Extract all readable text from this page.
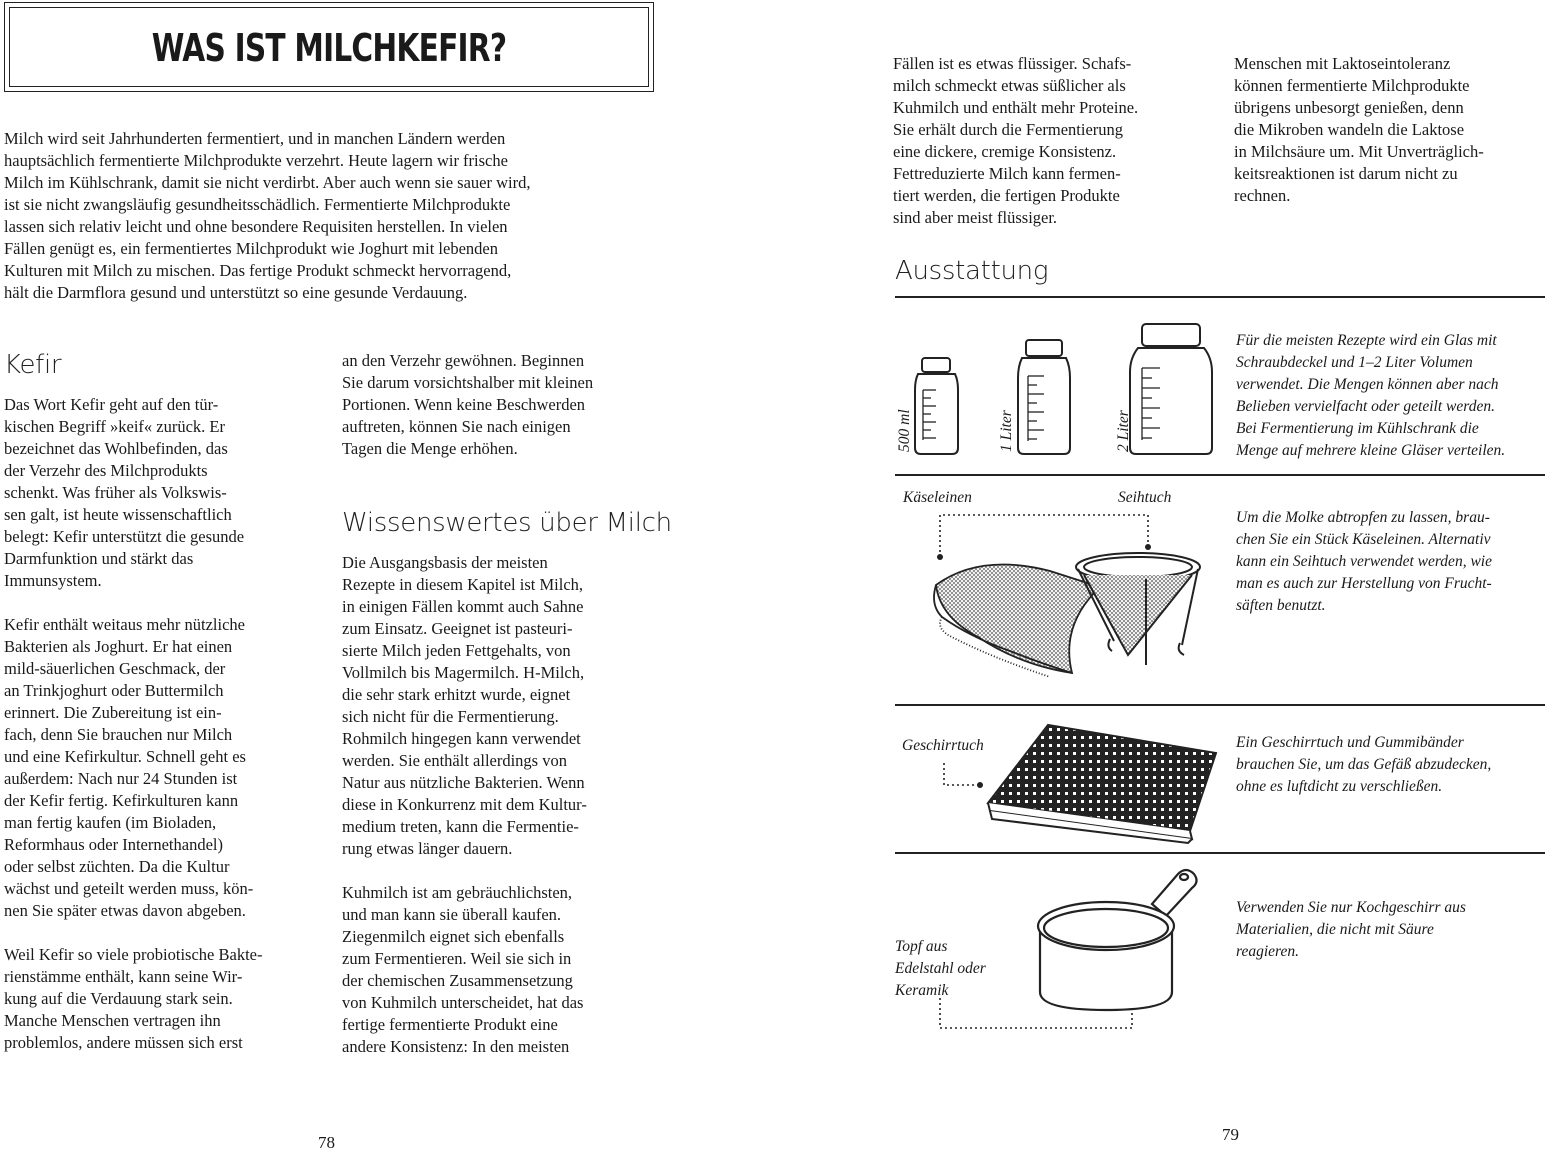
WAS IST MILCHKEFIR?
Milch wird seit Jahrhunderten fermentiert, und in manchen Ländern werden
hauptsächlich fermentierte Milchprodukte verzehrt. Heute lagern wir frische
Milch im Kühlschrank, damit sie nicht verdirbt. Aber auch wenn sie sauer wird,
ist sie nicht zwangsläufig gesundheitsschädlich. Fermentierte Milchprodukte
lassen sich relativ leicht und ohne besondere Requisiten herstellen. In vielen
Fällen genügt es, ein fermentiertes Milchprodukt wie Joghurt mit lebenden
Kulturen mit Milch zu mischen. Das fertige Produkt schmeckt hervorragend,
hält die Darmflora gesund und unterstützt so eine gesunde Verdauung.
Kefir
Das Wort Kefir geht auf den tür-
kischen Begriff »keif« zurück. Er
bezeichnet das Wohlbefinden, das
der Verzehr des Milchprodukts
schenkt. Was früher als Volkswis-
sen galt, ist heute wissenschaftlich
belegt: Kefir unterstützt die gesunde
Darmfunktion und stärkt das
Immunsystem.
Kefir enthält weitaus mehr nützliche
Bakterien als Joghurt. Er hat einen
mild-säuerlichen Geschmack, der
an Trinkjoghurt oder Buttermilch
erinnert. Die Zubereitung ist ein-
fach, denn Sie brauchen nur Milch
und eine Kefirkultur. Schnell geht es
außerdem: Nach nur 24 Stunden ist
der Kefir fertig. Kefirkulturen kann
man fertig kaufen (im Bioladen,
Reformhaus oder Internethandel)
oder selbst züchten. Da die Kultur
wächst und geteilt werden muss, kön-
nen Sie später etwas davon abgeben.
Weil Kefir so viele probiotische Bakte-
rienstämme enthält, kann seine Wir-
kung auf die Verdauung stark sein.
Manche Menschen vertragen ihn
problemlos, andere müssen sich erst
an den Verzehr gewöhnen. Beginnen
Sie darum vorsichtshalber mit kleinen
Portionen. Wenn keine Beschwerden
auftreten, können Sie nach einigen
Tagen die Menge erhöhen.
Wissenswertes über Milch
Die Ausgangsbasis der meisten
Rezepte in diesem Kapitel ist Milch,
in einigen Fällen kommt auch Sahne
zum Einsatz. Geeignet ist pasteuri-
sierte Milch jeden Fettgehalts, von
Vollmilch bis Magermilch. H-Milch,
die sehr stark erhitzt wurde, eignet
sich nicht für die Fermentierung.
Rohmilch hingegen kann verwendet
werden. Sie enthält allerdings von
Natur aus nützliche Bakterien. Wenn
diese in Konkurrenz mit dem Kultur-
medium treten, kann die Fermentie-
rung etwas länger dauern.
Kuhmilch ist am gebräuchlichsten,
und man kann sie überall kaufen.
Ziegenmilch eignet sich ebenfalls
zum Fermentieren. Weil sie sich in
der chemischen Zusammensetzung
von Kuhmilch unterscheidet, hat das
fertige fermentierte Produkt eine
andere Konsistenz: In den meisten
78
Fällen ist es etwas flüssiger. Schafs-
milch schmeckt etwas süßlicher als
Kuhmilch und enthält mehr Proteine.
Sie erhält durch die Fermentierung
eine dickere, cremige Konsistenz.
Fettreduzierte Milch kann fermen-
tiert werden, die fertigen Produkte
sind aber meist flüssiger.
Menschen mit Laktoseintoleranz
können fermentierte Milchprodukte
übrigens unbesorgt genießen, denn
die Mikroben wandeln die Laktose
in Milchsäure um. Mit Unverträglich-
keitsreaktionen ist darum nicht zu
rechnen.
Ausstattung
500 ml	1 Liter	2 Liter
Für die meisten Rezepte wird ein Glas mit
Schraubdeckel und 1–2 Liter Volumen
verwendet. Die Mengen können aber nach
Belieben vervielfacht oder geteilt werden.
Bei Fermentierung im Kühlschrank die
Menge auf mehrere kleine Gläser verteilen.
Käseleinen	Seihtuch
Um die Molke abtropfen zu lassen, brau-
chen Sie ein Stück Käseleinen. Alternativ
kann ein Seihtuch verwendet werden, wie
man es auch zur Herstellung von Frucht-
säften benutzt.
Geschirrtuch	Ein Geschirrtuch und Gummibänder
brauchen Sie, um das Gefäß abzudecken,
ohne es luftdicht zu verschließen.
Topf aus
Edelstahl oder
Keramik
Verwenden Sie nur Kochgeschirr aus
Materialien, die nicht mit Säure
reagieren.
79
